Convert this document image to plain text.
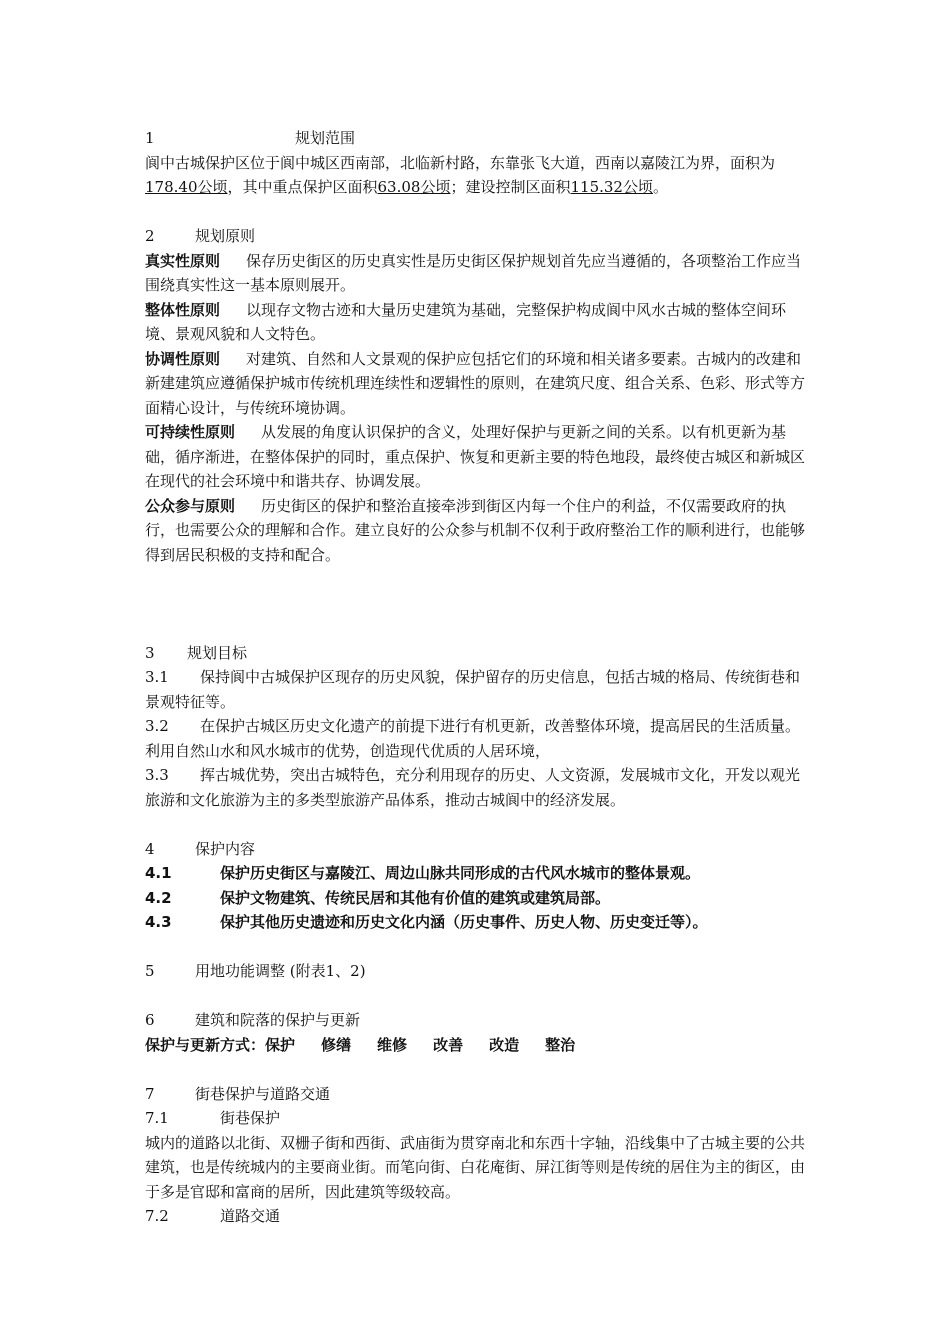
1	规划范围

阆中古城保护区位于阆中城区西南部，北临新村路，东靠张飞大道，西南以嘉陵江为界，面积为178.40公顷，其中重点保护区面积63.08公顷；建设控制区面积115.32公顷。

2	规划原则

真实性原则 保存历史街区的历史真实性是历史街区保护规划首先应当遵循的，各项整治工作应当围绕真实性这一基本原则展开。

整体性原则 以现存文物古迹和大量历史建筑为基础，完整保护构成阆中风水古城的整体空间环境、景观风貌和人文特色。

协调性原则 对建筑、自然和人文景观的保护应包括它们的环境和相关诸多要素。古城内的改建和新建建筑应遵循保护城市传统机理连续性和逻辑性的原则，在建筑尺度、组合关系、色彩、形式等方面精心设计，与传统环境协调。

可持续性原则 从发展的角度认识保护的含义，处理好保护与更新之间的关系。以有机更新为基础，循序渐进，在整体保护的同时，重点保护、恢复和更新主要的特色地段，最终使古城区和新城区在现代的社会环境中和谐共存、协调发展。

公众参与原则 历史街区的保护和整治直接牵涉到街区内每一个住户的利益，不仅需要政府的执行，也需要公众的理解和合作。建立良好的公众参与机制不仅利于政府整治工作的顺利进行，也能够得到居民积极的支持和配合。

3 规划目标

3.1 保持阆中古城保护区现存的历史风貌，保护留存的历史信息，包括古城的格局、传统街巷和景观特征等。

3.2 在保护古城区历史文化遗产的前提下进行有机更新，改善整体环境，提高居民的生活质量。利用自然山水和风水城市的优势，创造现代优质的人居环境，

3.3 挥古城优势，突出古城特色，充分利用现存的历史、人文资源，发展城市文化，开发以观光旅游和文化旅游为主的多类型旅游产品体系，推动古城阆中的经济发展。

4	保护内容

4.1	保护历史街区与嘉陵江、周边山脉共同形成的古代风水城市的整体景观。

4.2	保护文物建筑、传统民居和其他有价值的建筑或建筑局部。

4.3	保护其他历史遗迹和历史文化内涵（历史事件、历史人物、历史变迁等）。

5	用地功能调整 (附表1、2)

6	建筑和院落的保护与更新

保护与更新方式：保护 修缮 维修 改善 改造 整治

7	街巷保护与道路交通

7.1	街巷保护

城内的道路以北街、双栅子街和西街、武庙街为贯穿南北和东西十字轴，沿线集中了古城主要的公共建筑，也是传统城内的主要商业街。而笔向街、白花庵街、屏江街等则是传统的居住为主的街区，由于多是官邸和富商的居所，因此建筑等级较高。

7.2	道路交通
